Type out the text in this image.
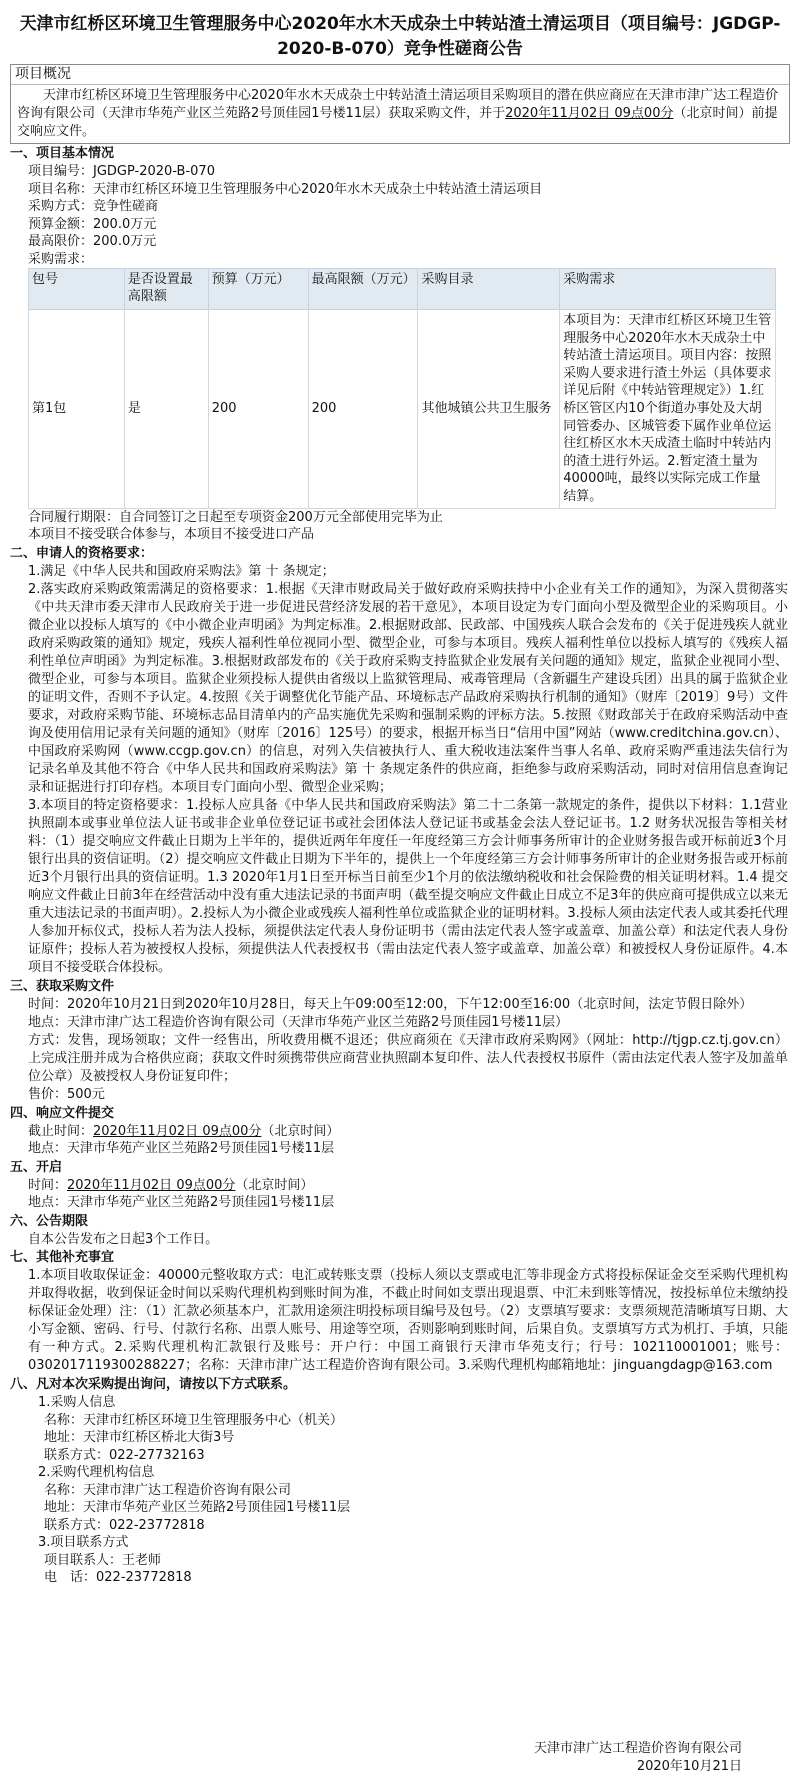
天津市红桥区环境卫生管理服务中心2020年水木天成杂土中转站渣土清运项目（项目编号：JGDGP-2020-B-070）竞争性磋商公告
项目概况
天津市红桥区环境卫生管理服务中心2020年水木天成杂土中转站渣土清运项目采购项目的潜在供应商应在天津市津广达工程造价咨询有限公司（天津市华苑产业区兰苑路2号顶佳园1号楼11层）获取采购文件，并于2020年11月02日 09点00分（北京时间）前提交响应文件。
一、项目基本情况
项目编号：JGDGP-2020-B-070
项目名称：天津市红桥区环境卫生管理服务中心2020年水木天成杂土中转站渣土清运项目
采购方式：竞争性磋商
预算金额：200.0万元
最高限价：200.0万元
采购需求：
包号	是否设置最高限额	预算（万元）	最高限额（万元）	采购目录	采购需求
第1包	是	200	200	其他城镇公共卫生服务	本项目为：天津市红桥区环境卫生管理服务中心2020年水木天成杂土中转站渣土清运项目。项目内容：按照采购人要求进行渣土外运（具体要求详见后附《中转站管理规定》）1.红桥区管区内10个街道办事处及大胡同管委办、区城管委下属作业单位运往红桥区水木天成渣土临时中转站内的渣土进行外运。2.暂定渣土量为40000吨，最终以实际完成工作量结算。
合同履行期限：自合同签订之日起至专项资金200万元全部使用完毕为止
本项目不接受联合体参与，本项目不接受进口产品
二、申请人的资格要求：
1.满足《中华人民共和国政府采购法》第 十 条规定；
2.落实政府采购政策需满足的资格要求：1.根据《天津市财政局关于做好政府采购扶持中小企业有关工作的通知》，为深入贯彻落实《中共天津市委天津市人民政府关于进一步促进民营经济发展的若干意见》，本项目设定为专门面向小型及微型企业的采购项目。小微企业以投标人填写的《中小微企业声明函》为判定标准。2.根据财政部、民政部、中国残疾人联合会发布的《关于促进残疾人就业政府采购政策的通知》规定，残疾人福利性单位视同小型、微型企业，可参与本项目。残疾人福利性单位以投标人填写的《残疾人福利性单位声明函》为判定标准。3.根据财政部发布的《关于政府采购支持监狱企业发展有关问题的通知》规定，监狱企业视同小型、微型企业，可参与本项目。监狱企业须投标人提供由省级以上监狱管理局、戒毒管理局（含新疆生产建设兵团）出具的属于监狱企业的证明文件，否则不予认定。4.按照《关于调整优化节能产品、环境标志产品政府采购执行机制的通知》（财库〔2019〕9号）文件要求，对政府采购节能、环境标志品目清单内的产品实施优先采购和强制采购的评标方法。5.按照《财政部关于在政府采购活动中查询及使用信用记录有关问题的通知》（财库〔2016〕125号）的要求，根据开标当日“信用中国”网站（www.creditchina.gov.cn）、中国政府采购网（www.ccgp.gov.cn）的信息，对列入失信被执行人、重大税收违法案件当事人名单、政府采购严重违法失信行为记录名单及其他不符合《中华人民共和国政府采购法》第 十 条规定条件的供应商，拒绝参与政府采购活动，同时对信用信息查询记录和证据进行打印存档。本项目专门面向小型、微型企业采购；
3.本项目的特定资格要求：1.投标人应具备《中华人民共和国政府采购法》第二十二条第一款规定的条件，提供以下材料：1.1营业执照副本或事业单位法人证书或非企业单位登记证书或社会团体法人登记证书或基金会法人登记证书。1.2 财务状况报告等相关材料：（1）提交响应文件截止日期为上半年的，提供近两年年度任一年度经第三方会计师事务所审计的企业财务报告或开标前近3个月银行出具的资信证明。（2）提交响应文件截止日期为下半年的，提供上一个年度经第三方会计师事务所审计的企业财务报告或开标前近3个月银行出具的资信证明。1.3 2020年1月1日至开标当日前至少1个月的依法缴纳税收和社会保险费的相关证明材料。1.4 提交响应文件截止日前3年在经营活动中没有重大违法记录的书面声明（截至提交响应文件截止日成立不足3年的供应商可提供成立以来无重大违法记录的书面声明）。2.投标人为小微企业或残疾人福利性单位或监狱企业的证明材料。3.投标人须由法定代表人或其委托代理人参加开标仪式，投标人若为法人投标，须提供法定代表人身份证明书（需由法定代表人签字或盖章、加盖公章）和法定代表人身份证原件；投标人若为被授权人投标，须提供法人代表授权书（需由法定代表人签字或盖章、加盖公章）和被授权人身份证原件。4.本项目不接受联合体投标。
三、获取采购文件
时间：2020年10月21日到2020年10月28日，每天上午09:00至12:00，下午12:00至16:00（北京时间，法定节假日除外）
地点：天津市津广达工程造价咨询有限公司（天津市华苑产业区兰苑路2号顶佳园1号楼11层）
方式：发售，现场领取；文件一经售出，所收费用概不退还；供应商须在《天津市政府采购网》（网址：http://tjgp.cz.tj.gov.cn）上完成注册并成为合格供应商；获取文件时须携带供应商营业执照副本复印件、法人代表授权书原件（需由法定代表人签字及加盖单位公章）及被授权人身份证复印件；
售价：500元
四、响应文件提交
截止时间：2020年11月02日 09点00分（北京时间）
地点：天津市华苑产业区兰苑路2号顶佳园1号楼11层
五、开启
时间：2020年11月02日 09点00分（北京时间）
地点：天津市华苑产业区兰苑路2号顶佳园1号楼11层
六、公告期限
自本公告发布之日起3个工作日。
七、其他补充事宜
1.本项目收取保证金：40000元整收取方式：电汇或转账支票（投标人须以支票或电汇等非现金方式将投标保证金交至采购代理机构并取得收据，收到保证金时间以采购代理机构到账时间为准，不截止时间如支票出现退票、中汇未到账等情况，按投标单位未缴纳投标保证金处理）注：（1）汇款必须基本户，汇款用途须注明投标项目编号及包号。（2）支票填写要求：支票须规范清晰填写日期、大小写金额、密码、行号、付款行名称、出票人账号、用途等空项，否则影响到账时间，后果自负。支票填写方式为机打、手填，只能有一种方式。2.采购代理机构汇款银行及账号：开户行：中国工商银行天津市华苑支行；行号：102110001001；账号：0302017119300288227；名称：天津市津广达工程造价咨询有限公司。3.采购代理机构邮箱地址：jinguangdagp@163.com
八、凡对本次采购提出询问，请按以下方式联系。
1.采购人信息
名称：天津市红桥区环境卫生管理服务中心（机关）
地址：天津市红桥区桥北大街3号
联系方式：022-27732163
2.采购代理机构信息
名称：天津市津广达工程造价咨询有限公司
地址：天津市华苑产业区兰苑路2号顶佳园1号楼11层
联系方式：022-23772818
3.项目联系方式
项目联系人：王老师
电　话：022-23772818
天津市津广达工程造价咨询有限公司
2020年10月21日
